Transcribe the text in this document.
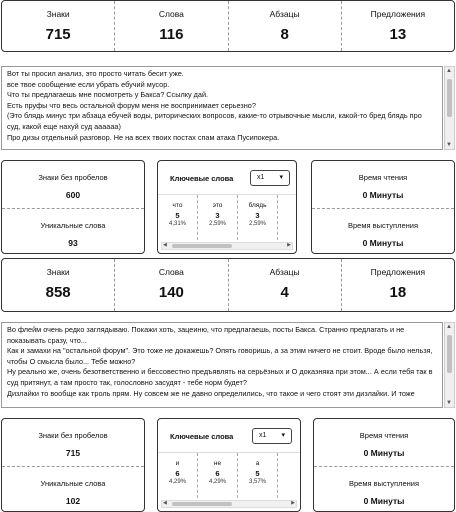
Знаки
715
Слова
116
Абзацы
8
Предложения
13
Вот ты просил анализ, это просто читать бесит уже.
все твое сообщение если убрать ебучий мусор.
Что ты предлагаешь мне посмотреть у Бакса? Ссылку дай.
Есть пруфы что весь остальной форум меня не воспринимает серьезно?
(Это блядь минус три абзаца ебучей воды, риторических вопросов, какие-то отрывочные мысли, какой-то бред блядь про суд, какой еще нахуй суд аааааа)
Про дизы отдельный разговор. Не на всех твоих постах спам атака Пусипокера.
▲
▼
Знаки без пробелов
600
Уникальные слова
93
Ключевые слова	x1 ▾
что
5
4,31%
это
3
2,59%
блядь
3
2,59%
◀	▶
Время чтения
0 Минуты
Время выступления
0 Минуты
Знаки
858
Слова
140
Абзацы
4
Предложения
18
Во флейм очень редко заглядываю. Покажи хоть, зацеиню, что предлагаешь, посты Бакса. Странно предлагать и не показывать сразу, что...
Как и замахи на "остальной форум". Это тоже не докажешь? Опять говоришь, а за этим ничего не стоит. Вроде было нельзя, чтобы О смысла было... Тебе можно?
Ну реально же, очень безответственно и бессовестно предъявлять на серьёзных и О доказняка при этом... А если тебя так в суд притянут, а там просто так, голословно засудят - тебе норм будет?
Дизлайки то вообще как троль прям. Ну совсем же не давно определились, что такое и чего стоят эти дизлайки. И тоже
▲
▼
Знаки без пробелов
715
Уникальные слова
102
Ключевые слова	x1 ▾
и
6
4,29%
не
6
4,29%
а
5
3,57%
◀	▶
Время чтения
0 Минуты
Время выступления
0 Минуты
